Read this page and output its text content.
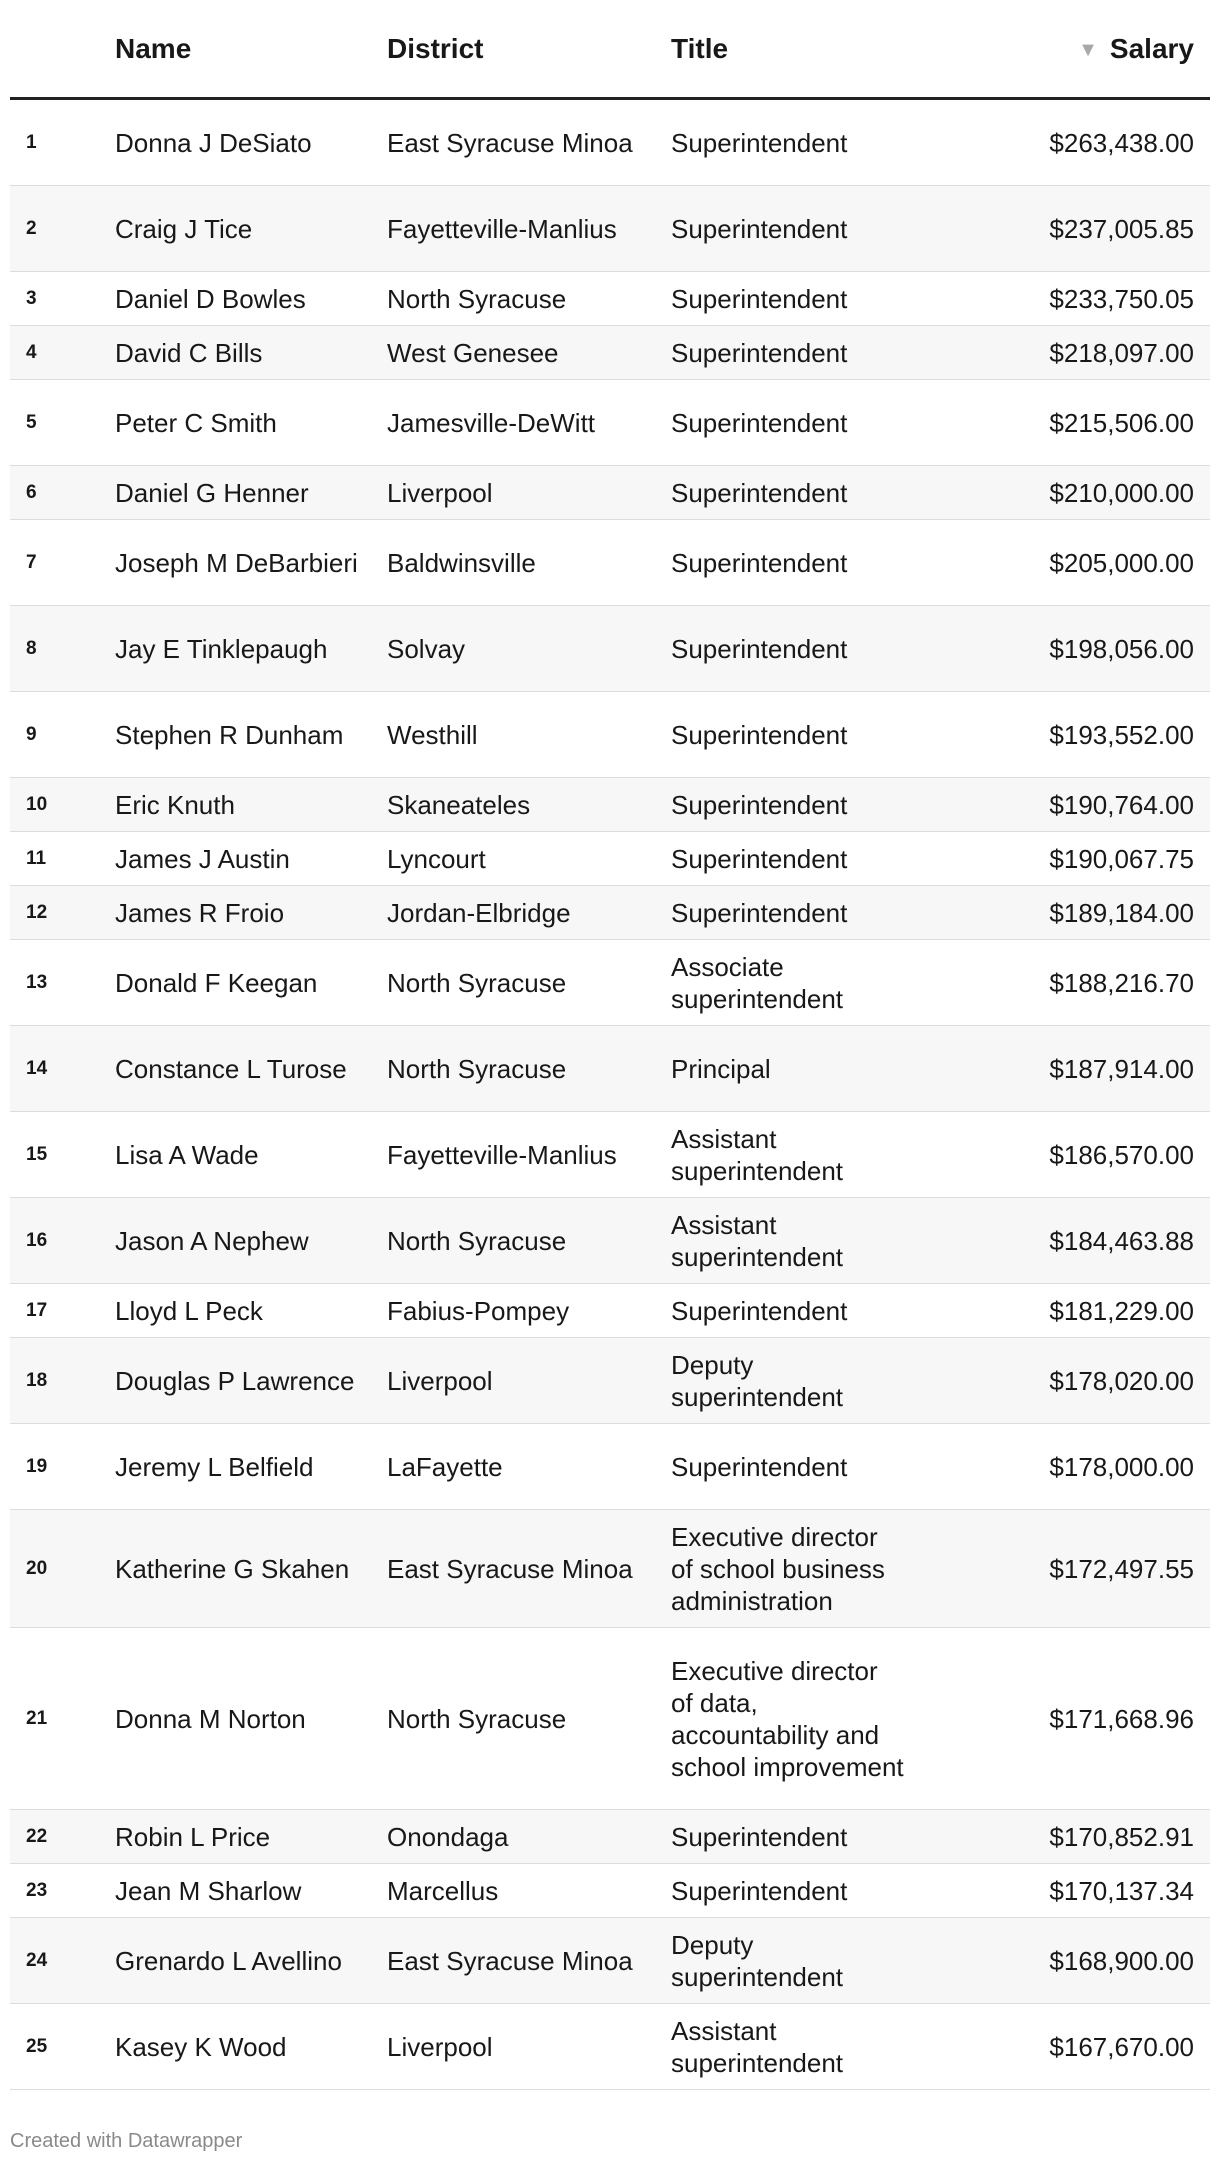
	Name	District	Title	▼ Salary
1	Donna J DeSiato	East Syracuse Minoa	Superintendent	$263,438.00
2	Craig J Tice	Fayetteville-Manlius	Superintendent	$237,005.85
3	Daniel D Bowles	North Syracuse	Superintendent	$233,750.05
4	David C Bills	West Genesee	Superintendent	$218,097.00
5	Peter C Smith	Jamesville-DeWitt	Superintendent	$215,506.00
6	Daniel G Henner	Liverpool	Superintendent	$210,000.00
7	Joseph M DeBarbieri	Baldwinsville	Superintendent	$205,000.00
8	Jay E Tinklepaugh	Solvay	Superintendent	$198,056.00
9	Stephen R Dunham	Westhill	Superintendent	$193,552.00
10	Eric Knuth	Skaneateles	Superintendent	$190,764.00
11	James J Austin	Lyncourt	Superintendent	$190,067.75
12	James R Froio	Jordan-Elbridge	Superintendent	$189,184.00
13	Donald F Keegan	North Syracuse	Associate superintendent	$188,216.70
14	Constance L Turose	North Syracuse	Principal	$187,914.00
15	Lisa A Wade	Fayetteville-Manlius	Assistant superintendent	$186,570.00
16	Jason A Nephew	North Syracuse	Assistant superintendent	$184,463.88
17	Lloyd L Peck	Fabius-Pompey	Superintendent	$181,229.00
18	Douglas P Lawrence	Liverpool	Deputy superintendent	$178,020.00
19	Jeremy L Belfield	LaFayette	Superintendent	$178,000.00
20	Katherine G Skahen	East Syracuse Minoa	Executive director of school business administration	$172,497.55
21	Donna M Norton	North Syracuse	Executive director of data, accountability and school improvement	$171,668.96
22	Robin L Price	Onondaga	Superintendent	$170,852.91
23	Jean M Sharlow	Marcellus	Superintendent	$170,137.34
24	Grenardo L Avellino	East Syracuse Minoa	Deputy superintendent	$168,900.00
25	Kasey K Wood	Liverpool	Assistant superintendent	$167,670.00
Created with Datawrapper
